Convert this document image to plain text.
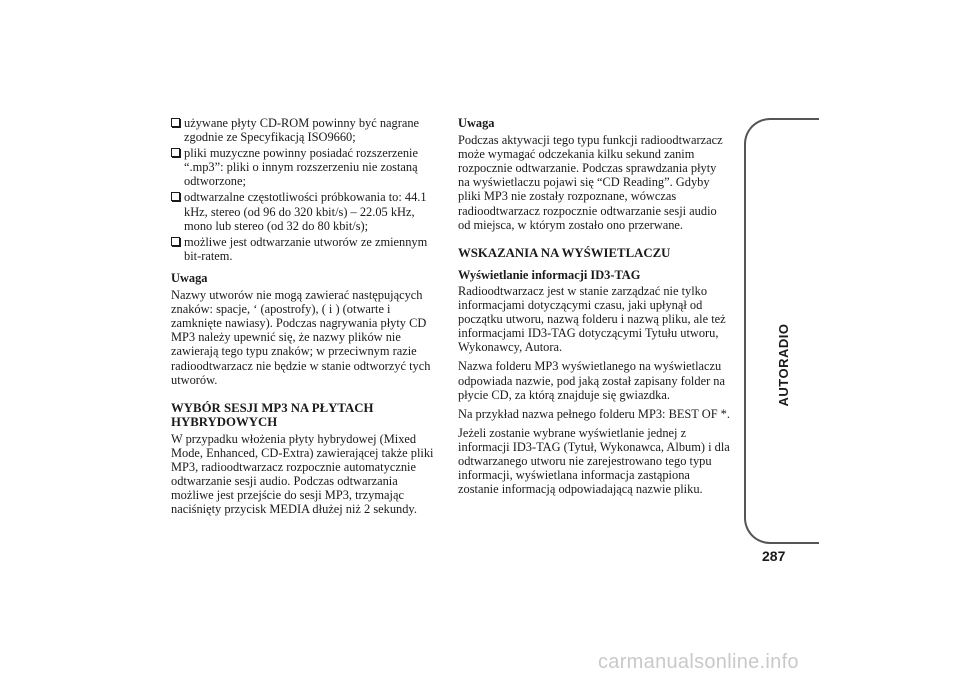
używane płyty CD-ROM powinny być nagrane zgodnie ze Specyfikacją ISO9660;
pliki muzyczne powinny posiadać rozszerzenie “.mp3”: pliki o innym rozszerzeniu nie zostaną odtworzone;
odtwarzalne częstotliwości próbkowania to: 44.1 kHz, stereo (od 96 do 320 kbit/s) – 22.05 kHz, mono lub stereo (od 32 do 80 kbit/s);
możliwe jest odtwarzanie utworów ze zmiennym bit-ratem.

Uwaga

Nazwy utworów nie mogą zawierać następujących znaków: spacje, ‘ (apostrofy), ( i ) (otwarte i zamknięte nawiasy). Podczas nagrywania płyty CD MP3 należy upewnić się, że nazwy plików nie zawierają tego typu znaków; w przeciwnym razie radioodtwarzacz nie będzie w stanie odtworzyć tych utworów.

WYBÓR SESJI MP3 NA PŁYTACH HYBRYDOWYCH

W przypadku włożenia płyty hybrydowej (Mixed Mode, Enhanced, CD-Extra) zawierającej także pliki MP3, radioodtwarzacz rozpocznie automatycznie odtwarzanie sesji audio. Podczas odtwarzania możliwe jest przejście do sesji MP3, trzymając naciśnięty przycisk MEDIA dłużej niż 2 sekundy.

Uwaga

Podczas aktywacji tego typu funkcji radioodtwarzacz może wymagać odczekania kilku sekund zanim rozpocznie odtwarzanie. Podczas sprawdzania płyty na wyświetlaczu pojawi się “CD Reading”. Gdyby pliki MP3 nie zostały rozpoznane, wówczas radioodtwarzacz rozpocznie odtwarzanie sesji audio od miejsca, w którym zostało ono przerwane.

WSKAZANIA NA WYŚWIETLACZU

Wyświetlanie informacji ID3-TAG

Radioodtwarzacz jest w stanie zarządzać nie tylko informacjami dotyczącymi czasu, jaki upłynął od początku utworu, nazwą folderu i nazwą pliku, ale też informacjami ID3-TAG dotyczącymi Tytułu utworu, Wykonawcy, Autora.

Nazwa folderu MP3 wyświetlanego na wyświetlaczu odpowiada nazwie, pod jaką został zapisany folder na płycie CD, za którą znajduje się gwiazdka.

Na przykład nazwa pełnego folderu MP3: BEST OF *.

Jeżeli zostanie wybrane wyświetlanie jednej z informacji ID3-TAG (Tytuł, Wykonawca, Album) i dla odtwarzanego utworu nie zarejestrowano tego typu informacji, wyświetlana informacja zastąpiona zostanie informacją odpowiadającą nazwie pliku.

AUTORADIO
287
carmanualsonline.info
